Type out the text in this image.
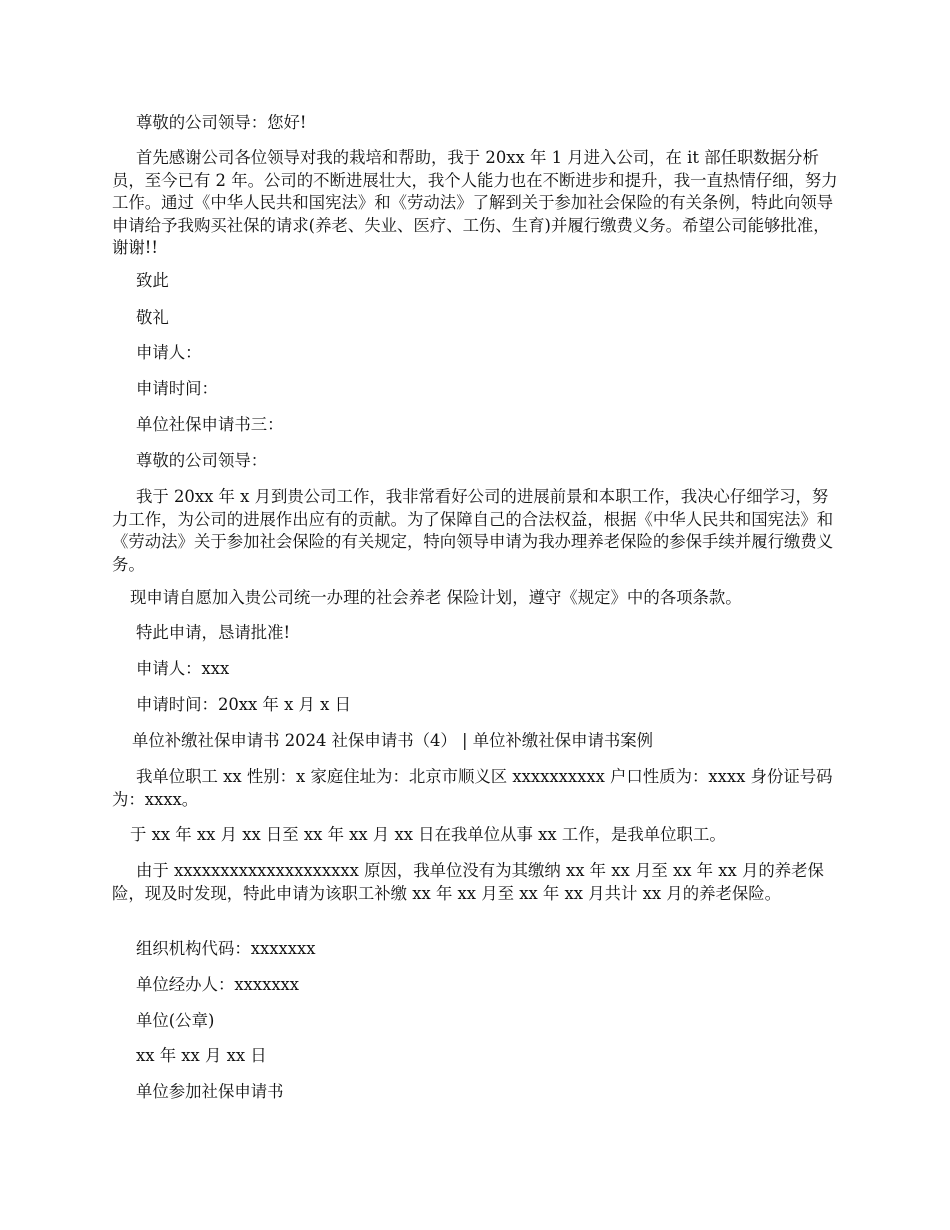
尊敬的公司领导：您好!

首先感谢公司各位领导对我的栽培和帮助，我于 20xx 年 1 月进入公司，在 it 部任职数据分析员，至今已有 2 年。公司的不断进展壮大，我个人能力也在不断进步和提升，我一直热情仔细，努力工作。通过《中华人民共和国宪法》和《劳动法》了解到关于参加社会保险的有关条例，特此向领导申请给予我购买社保的请求(养老、失业、医疗、工伤、生育)并履行缴费义务。希望公司能够批准，谢谢!!

致此

敬礼

申请人：

申请时间：

单位社保申请书三：

尊敬的公司领导：

我于 20xx 年 x 月到贵公司工作，我非常看好公司的进展前景和本职工作，我决心仔细学习，努力工作，为公司的进展作出应有的贡献。为了保障自己的合法权益，根据《中华人民共和国宪法》和《劳动法》关于参加社会保险的有关规定，特向领导申请为我办理养老保险的参保手续并履行缴费义务。

现申请自愿加入贵公司统一办理的社会养老 保险计划，遵守《规定》中的各项条款。

特此申请，恳请批准!

申请人：xxx

申请时间：20xx 年 x 月 x 日

单位补缴社保申请书 2024 社保申请书（4） | 单位补缴社保申请书案例

我单位职工 xx 性别：x 家庭住址为：北京市顺义区 xxxxxxxxxx 户口性质为：xxxx 身份证号码为：xxxx。

于 xx 年 xx 月 xx 日至 xx 年 xx 月 xx 日在我单位从事 xx 工作，是我单位职工。

由于 xxxxxxxxxxxxxxxxxxxx 原因，我单位没有为其缴纳 xx 年 xx 月至 xx 年 xx 月的养老保险，现及时发现，特此申请为该职工补缴 xx 年 xx 月至 xx 年 xx 月共计 xx 月的养老保险。

组织机构代码：xxxxxxx

单位经办人：xxxxxxx

单位(公章)

xx 年 xx 月 xx 日

单位参加社保申请书
